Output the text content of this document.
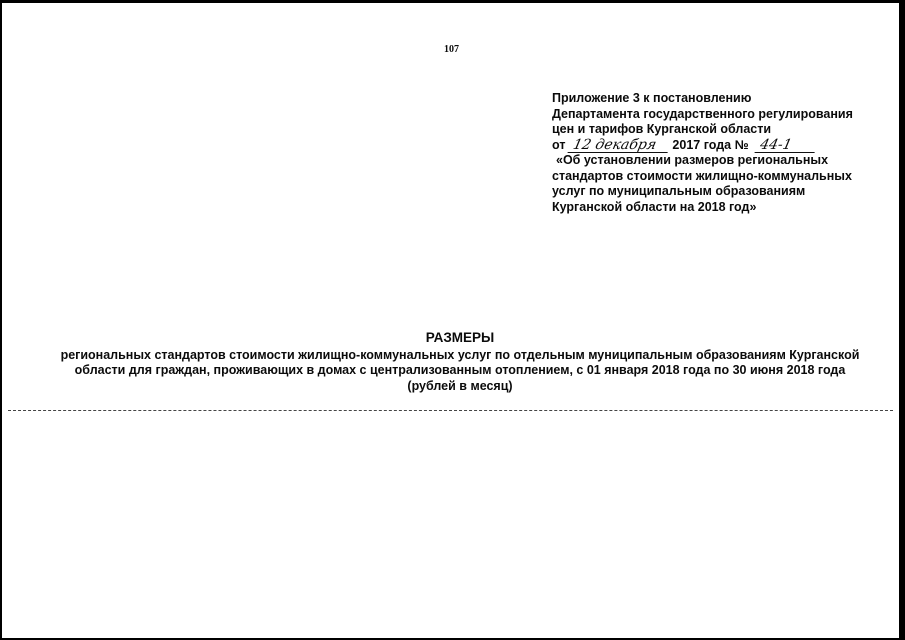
107
Приложение 3 к постановлению
Департамента государственного регулирования
цен и тарифов Курганской области
от 12 декабря 2017 года № 44-1
«Об установлении размеров региональных
стандартов стоимости жилищно-коммунальных
услуг по муниципальным образованиям
Курганской области на 2018 год»
РАЗМЕРЫ
региональных стандартов стоимости жилищно-коммунальных услуг по отдельным муниципальным образованиям Курганской
области для граждан, проживающих в домах с централизованным отоплением, с 01 января 2018 года по 30 июня 2018 года
(рублей в месяц)
